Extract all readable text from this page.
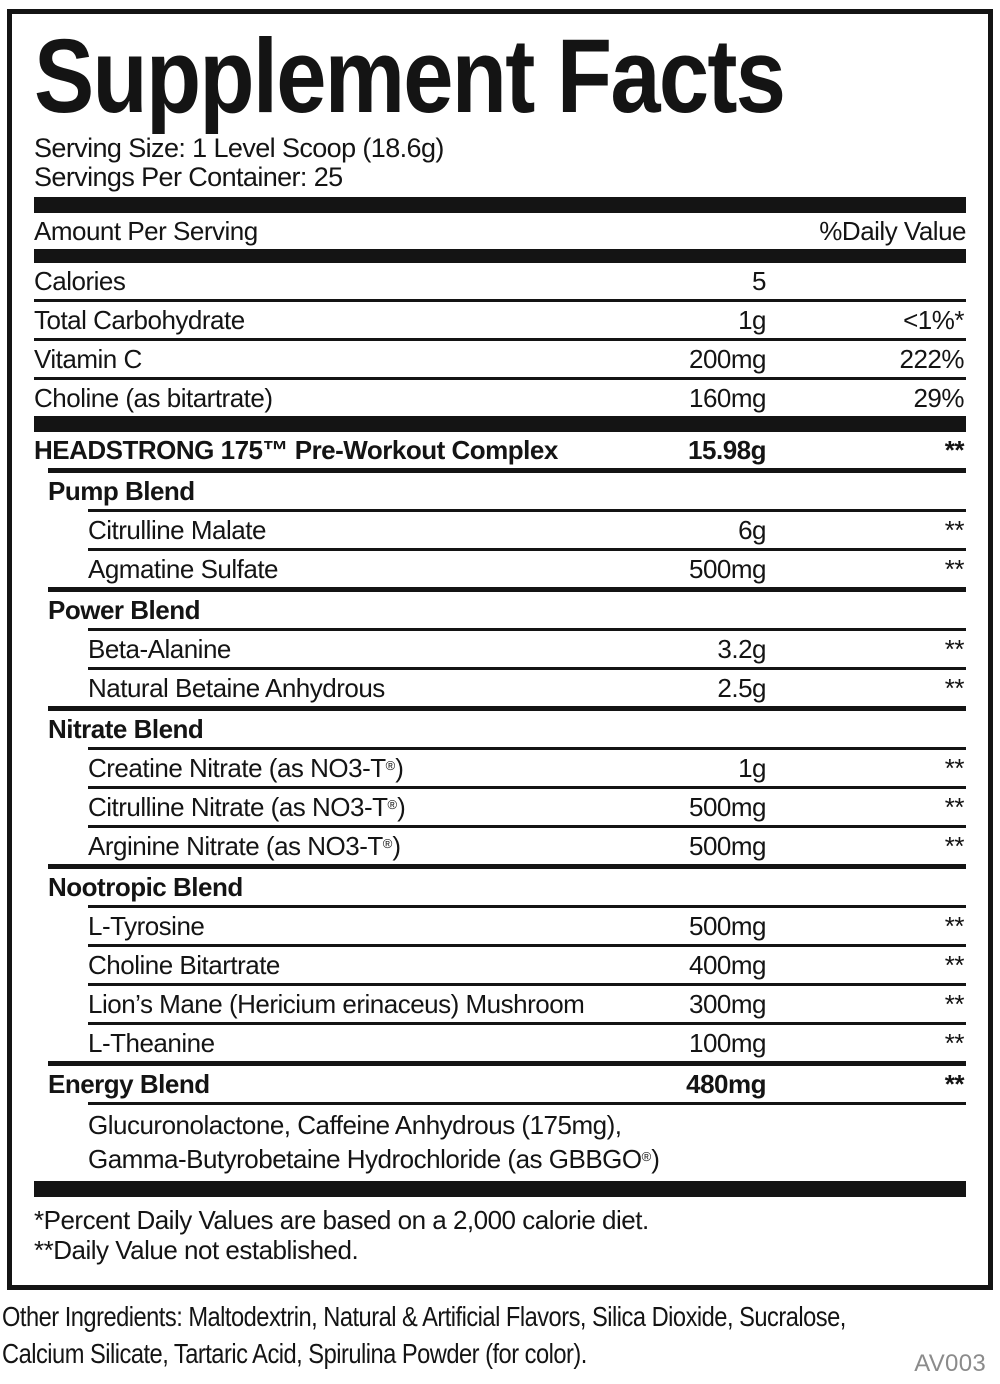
Supplement Facts
Serving Size: 1 Level Scoop (18.6g)
Servings Per Container: 25
Amount Per Serving	%Daily Value
Calories	5
Total Carbohydrate	1g	<1%*
Vitamin C	200mg	222%
Choline (as bitartrate)	160mg	29%
HEADSTRONG 175™ Pre-Workout Complex	15.98g	**
Pump Blend
Citrulline Malate	6g	**
Agmatine Sulfate	500mg	**
Power Blend
Beta-Alanine	3.2g	**
Natural Betaine Anhydrous	2.5g	**
Nitrate Blend
Creatine Nitrate (as NO3-T®)	1g	**
Citrulline Nitrate (as NO3-T®)	500mg	**
Arginine Nitrate (as NO3-T®)	500mg	**
Nootropic Blend
L-Tyrosine	500mg	**
Choline Bitartrate	400mg	**
Lion’s Mane (Hericium erinaceus) Mushroom	300mg	**
L-Theanine	100mg	**
Energy Blend	480mg	**
Glucuronolactone, Caffeine Anhydrous (175mg),
Gamma-Butyrobetaine Hydrochloride (as GBBGO®)
*Percent Daily Values are based on a 2,000 calorie diet.
**Daily Value not established.
Other Ingredients: Maltodextrin, Natural & Artificial Flavors, Silica Dioxide, Sucralose,
Calcium Silicate, Tartaric Acid, Spirulina Powder (for color).	AV003
